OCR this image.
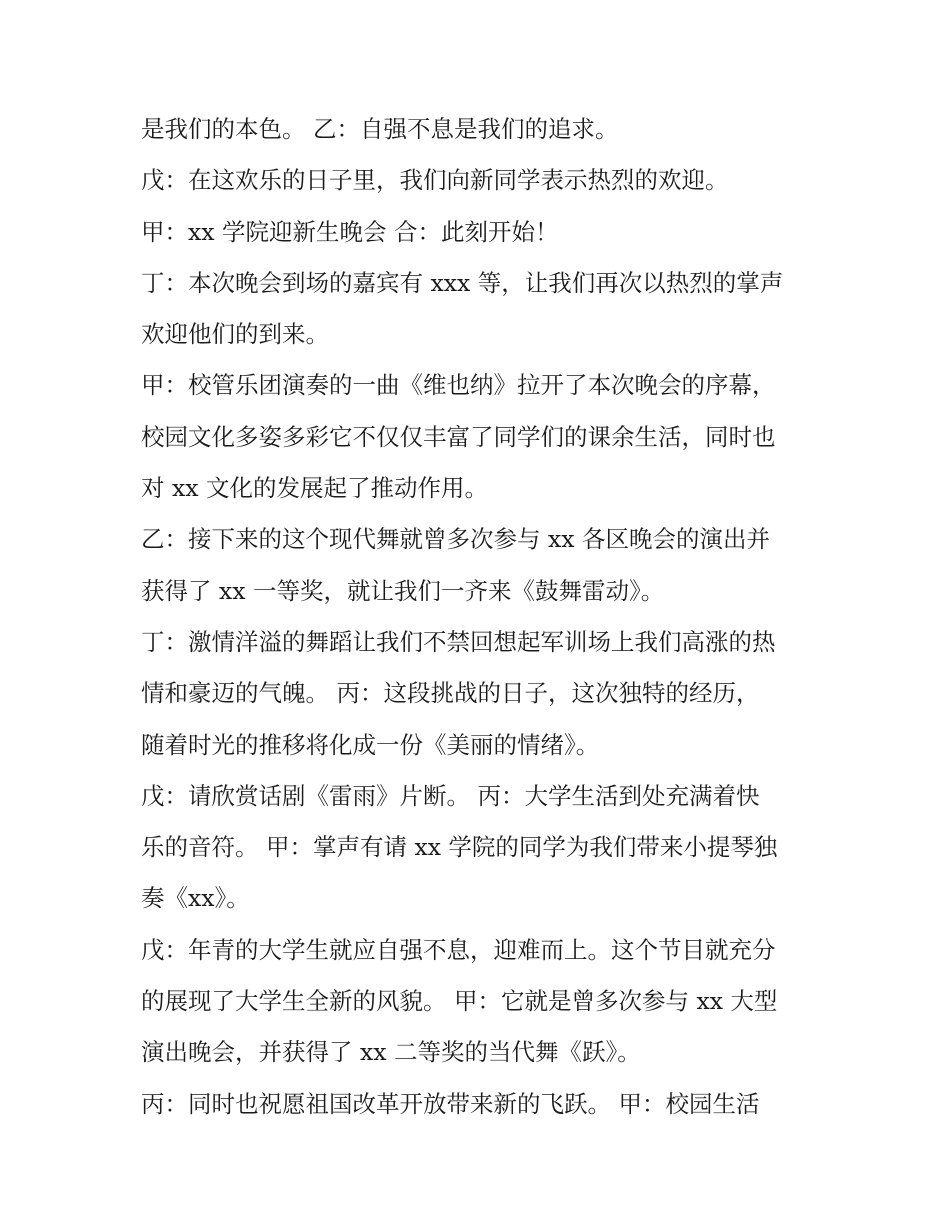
是我们的本色。 乙：自强不息是我们的追求。
戊：在这欢乐的日子里，我们向新同学表示热烈的欢迎。
甲：xx 学院迎新生晚会 合：此刻开始！
丁：本次晚会到场的嘉宾有 xxx 等，让我们再次以热烈的掌声
欢迎他们的到来。
甲：校管乐团演奏的一曲《维也纳》拉开了本次晚会的序幕，
校园文化多姿多彩它不仅仅丰富了同学们的课余生活，同时也
对 xx 文化的发展起了推动作用。
乙：接下来的这个现代舞就曾多次参与 xx 各区晚会的演出并
获得了 xx 一等奖，就让我们一齐来《鼓舞雷动》。
丁：激情洋溢的舞蹈让我们不禁回想起军训场上我们高涨的热
情和豪迈的气魄。 丙：这段挑战的日子，这次独特的经历，
随着时光的推移将化成一份《美丽的情绪》。
戊：请欣赏话剧《雷雨》片断。 丙：大学生活到处充满着快
乐的音符。 甲：掌声有请 xx 学院的同学为我们带来小提琴独
奏《xx》。
戊：年青的大学生就应自强不息，迎难而上。这个节目就充分
的展现了大学生全新的风貌。 甲：它就是曾多次参与 xx 大型
演出晚会，并获得了 xx 二等奖的当代舞《跃》。
丙：同时也祝愿祖国改革开放带来新的飞跃。 甲：校园生活
